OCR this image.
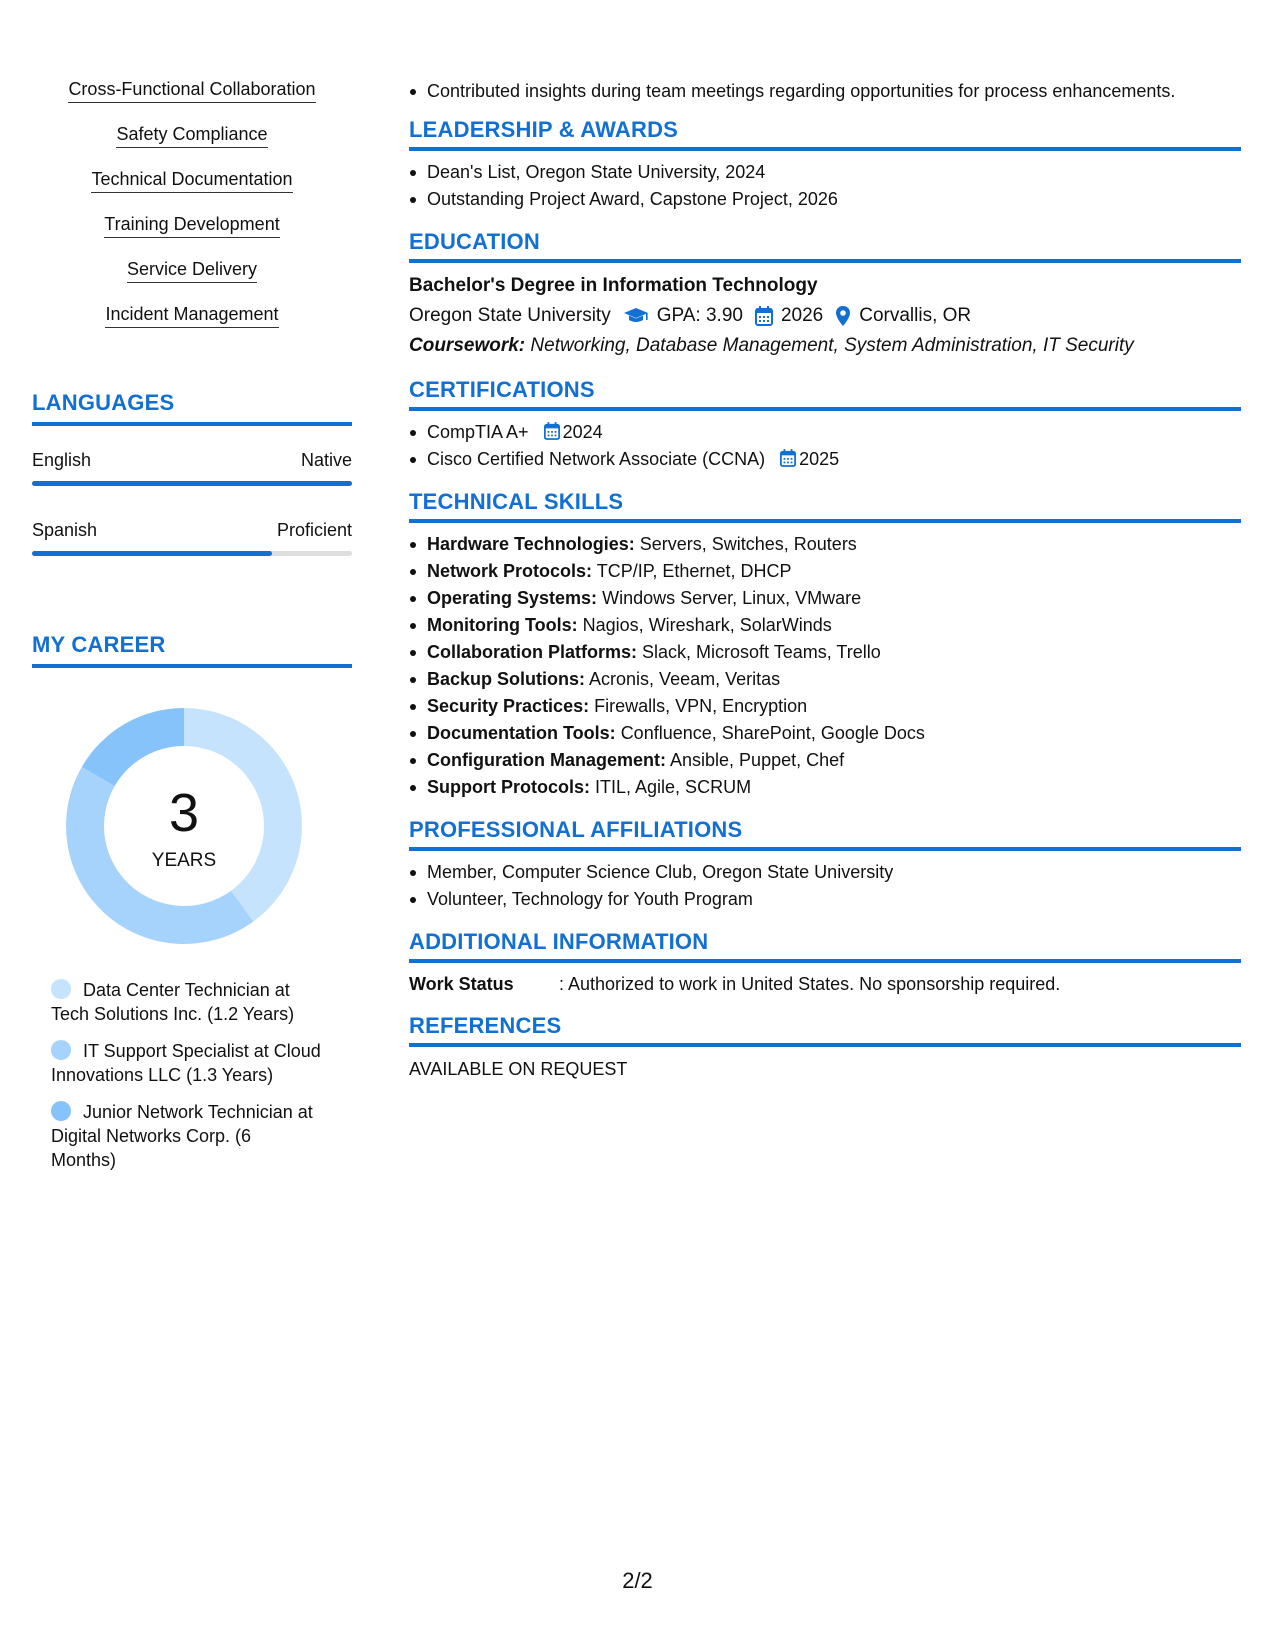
Cross-Functional Collaboration
Safety Compliance
Technical Documentation
Training Development
Service Delivery
Incident Management
LANGUAGES
English	Native
Spanish	Proficient
MY CAREER
3
YEARS
Data Center Technician at Tech Solutions Inc. (1.2 Years)
IT Support Specialist at Cloud Innovations LLC (1.3 Years)
Junior Network Technician at Digital Networks Corp. (6 Months)
Contributed insights during team meetings regarding opportunities for process enhancements.
LEADERSHIP & AWARDS
Dean's List, Oregon State University, 2024
Outstanding Project Award, Capstone Project, 2026
EDUCATION
Bachelor's Degree in Information Technology
Oregon State University GPA: 3.90 2026 Corvallis, OR
Coursework: Networking, Database Management, System Administration, IT Security
CERTIFICATIONS
CompTIA A+ 2024
Cisco Certified Network Associate (CCNA) 2025
TECHNICAL SKILLS
Hardware Technologies: Servers, Switches, Routers
Network Protocols: TCP/IP, Ethernet, DHCP
Operating Systems: Windows Server, Linux, VMware
Monitoring Tools: Nagios, Wireshark, SolarWinds
Collaboration Platforms: Slack, Microsoft Teams, Trello
Backup Solutions: Acronis, Veeam, Veritas
Security Practices: Firewalls, VPN, Encryption
Documentation Tools: Confluence, SharePoint, Google Docs
Configuration Management: Ansible, Puppet, Chef
Support Protocols: ITIL, Agile, SCRUM
PROFESSIONAL AFFILIATIONS
Member, Computer Science Club, Oregon State University
Volunteer, Technology for Youth Program
ADDITIONAL INFORMATION
Work Status	: Authorized to work in United States. No sponsorship required.
REFERENCES
AVAILABLE ON REQUEST
2/2
